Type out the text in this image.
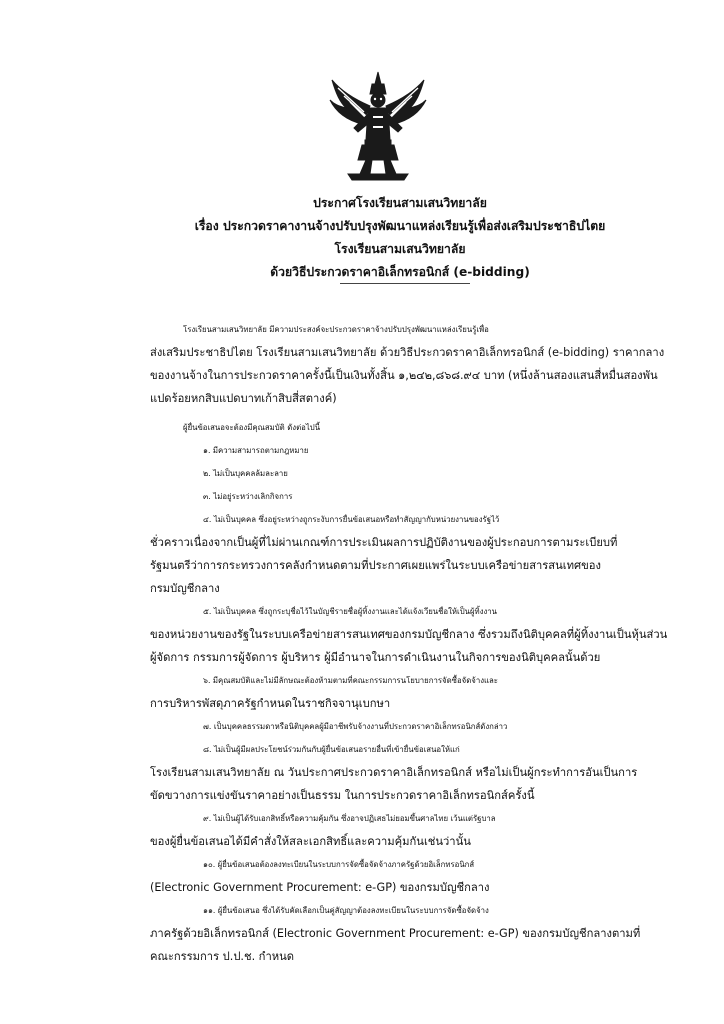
ประกาศโรงเรียนสามเสนวิทยาลัย
เรื่อง ประกวดราคางานจ้างปรับปรุงพัฒนาแหล่งเรียนรู้เพื่อส่งเสริมประชาธิปไตย
โรงเรียนสามเสนวิทยาลัย
ด้วยวิธีประกวดราคาอิเล็กทรอนิกส์ (e-bidding)
โรงเรียนสามเสนวิทยาลัย มีความประสงค์จะประกวดราคาจ้างปรับปรุงพัฒนาแหล่งเรียนรู้เพื่อ
ส่งเสริมประชาธิปไตย โรงเรียนสามเสนวิทยาลัย ด้วยวิธีประกวดราคาอิเล็กทรอนิกส์ (e-bidding) ราคากลาง
ของงานจ้างในการประกวดราคาครั้งนี้เป็นเงินทั้งสิ้น ๑,๒๔๒,๘๖๘.๙๔ บาท (หนึ่งล้านสองแสนสี่หมื่นสองพัน
แปดร้อยหกสิบแปดบาทเก้าสิบสี่สตางค์)
ผู้ยื่นข้อเสนอจะต้องมีคุณสมบัติ ดังต่อไปนี้
๑. มีความสามารถตามกฎหมาย
๒. ไม่เป็นบุคคลล้มละลาย
๓. ไม่อยู่ระหว่างเลิกกิจการ
๔. ไม่เป็นบุคคล ซึ่งอยู่ระหว่างถูกระงับการยื่นข้อเสนอหรือทำสัญญากับหน่วยงานของรัฐไว้
ชั่วคราวเนื่องจากเป็นผู้ที่ไม่ผ่านเกณฑ์การประเมินผลการปฏิบัติงานของผู้ประกอบการตามระเบียบที่
รัฐมนตรีว่าการกระทรวงการคลังกำหนดตามที่ประกาศเผยแพร่ในระบบเครือข่ายสารสนเทศของ
กรมบัญชีกลาง
๕. ไม่เป็นบุคคล ซึ่งถูกระบุชื่อไว้ในบัญชีรายชื่อผู้ทิ้งงานและได้แจ้งเวียนชื่อให้เป็นผู้ทิ้งงาน
ของหน่วยงานของรัฐในระบบเครือข่ายสารสนเทศของกรมบัญชีกลาง ซึ่งรวมถึงนิติบุคคลที่ผู้ทิ้งงานเป็นหุ้นส่วน
ผู้จัดการ กรรมการผู้จัดการ ผู้บริหาร ผู้มีอำนาจในการดำเนินงานในกิจการของนิติบุคคลนั้นด้วย
๖. มีคุณสมบัติและไม่มีลักษณะต้องห้ามตามที่คณะกรรมการนโยบายการจัดซื้อจัดจ้างและ
การบริหารพัสดุภาครัฐกำหนดในราชกิจจานุเบกษา
๗. เป็นบุคคลธรรมดาหรือนิติบุคคลผู้มีอาชีพรับจ้างงานที่ประกวดราคาอิเล็กทรอนิกส์ดังกล่าว
๘. ไม่เป็นผู้มีผลประโยชน์ร่วมกันกับผู้ยื่นข้อเสนอรายอื่นที่เข้ายื่นข้อเสนอให้แก่
โรงเรียนสามเสนวิทยาลัย ณ วันประกาศประกวดราคาอิเล็กทรอนิกส์ หรือไม่เป็นผู้กระทำการอันเป็นการ
ขัดขวางการแข่งขันราคาอย่างเป็นธรรม ในการประกวดราคาอิเล็กทรอนิกส์ครั้งนี้
๙. ไม่เป็นผู้ได้รับเอกสิทธิ์หรือความคุ้มกัน ซึ่งอาจปฏิเสธไม่ยอมขึ้นศาลไทย เว้นแต่รัฐบาล
ของผู้ยื่นข้อเสนอได้มีคำสั่งให้สละเอกสิทธิ์และความคุ้มกันเช่นว่านั้น
๑๐. ผู้ยื่นข้อเสนอต้องลงทะเบียนในระบบการจัดซื้อจัดจ้างภาครัฐด้วยอิเล็กทรอนิกส์
(Electronic Government Procurement: e-GP) ของกรมบัญชีกลาง
๑๑. ผู้ยื่นข้อเสนอ ซึ่งได้รับคัดเลือกเป็นคู่สัญญาต้องลงทะเบียนในระบบการจัดซื้อจัดจ้าง
ภาครัฐด้วยอิเล็กทรอนิกส์ (Electronic Government Procurement: e-GP) ของกรมบัญชีกลางตามที่
คณะกรรมการ ป.ป.ช. กำหนด
